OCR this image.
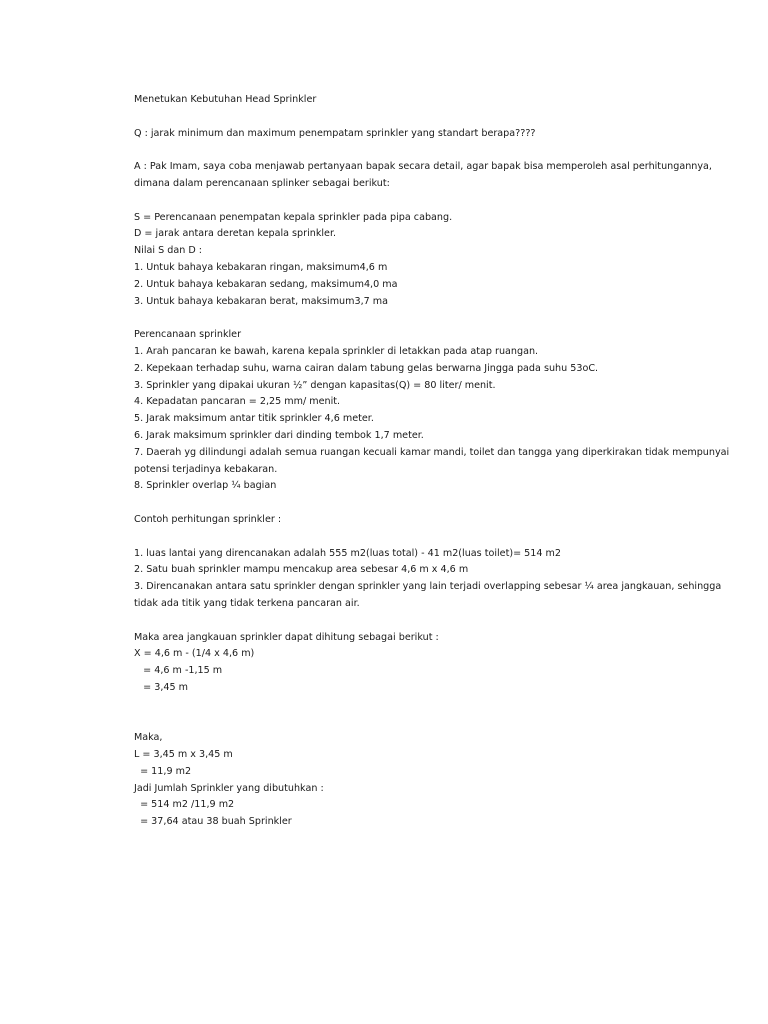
Menetukan Kebutuhan Head Sprinkler

Q : jarak minimum dan maximum penempatam sprinkler yang standart berapa????

A : Pak Imam, saya coba menjawab pertanyaan bapak secara detail, agar bapak bisa memperoleh asal perhitungannya,

dimana dalam perencanaan splinker sebagai berikut:

S = Perencanaan penempatan kepala sprinkler pada pipa cabang.

D = jarak antara deretan kepala sprinkler.

Nilai S dan D :

1. Untuk bahaya kebakaran ringan, maksimum4,6 m

2. Untuk bahaya kebakaran sedang, maksimum4,0 ma

3. Untuk bahaya kebakaran berat, maksimum3,7 ma

Perencanaan sprinkler

1. Arah pancaran ke bawah, karena kepala sprinkler di letakkan pada atap ruangan.

2. Kepekaan terhadap suhu, warna cairan dalam tabung gelas berwarna Jingga pada suhu 53oC.

3. Sprinkler yang dipakai ukuran ½” dengan kapasitas(Q) = 80 liter/ menit.

4. Kepadatan pancaran = 2,25 mm/ menit.

5. Jarak maksimum antar titik sprinkler 4,6 meter.

6. Jarak maksimum sprinkler dari dinding tembok 1,7 meter.

7. Daerah yg dilindungi adalah semua ruangan kecuali kamar mandi, toilet dan tangga yang diperkirakan tidak mempunyai

potensi terjadinya kebakaran.

8. Sprinkler overlap ¼ bagian

Contoh perhitungan sprinkler :

1. luas lantai yang direncanakan adalah 555 m2(luas total) - 41 m2(luas toilet)= 514 m2

2. Satu buah sprinkler mampu mencakup area sebesar 4,6 m x 4,6 m

3. Direncanakan antara satu sprinkler dengan sprinkler yang lain terjadi overlapping sebesar ¼ area jangkauan, sehingga

tidak ada titik yang tidak terkena pancaran air.

Maka area jangkauan sprinkler dapat dihitung sebagai berikut :

X = 4,6 m - (1/4 x 4,6 m)

= 4,6 m -1,15 m

= 3,45 m

Maka,

L = 3,45 m x 3,45 m

= 11,9 m2

Jadi Jumlah Sprinkler yang dibutuhkan :

= 514 m2 /11,9 m2

= 37,64 atau 38 buah Sprinkler
